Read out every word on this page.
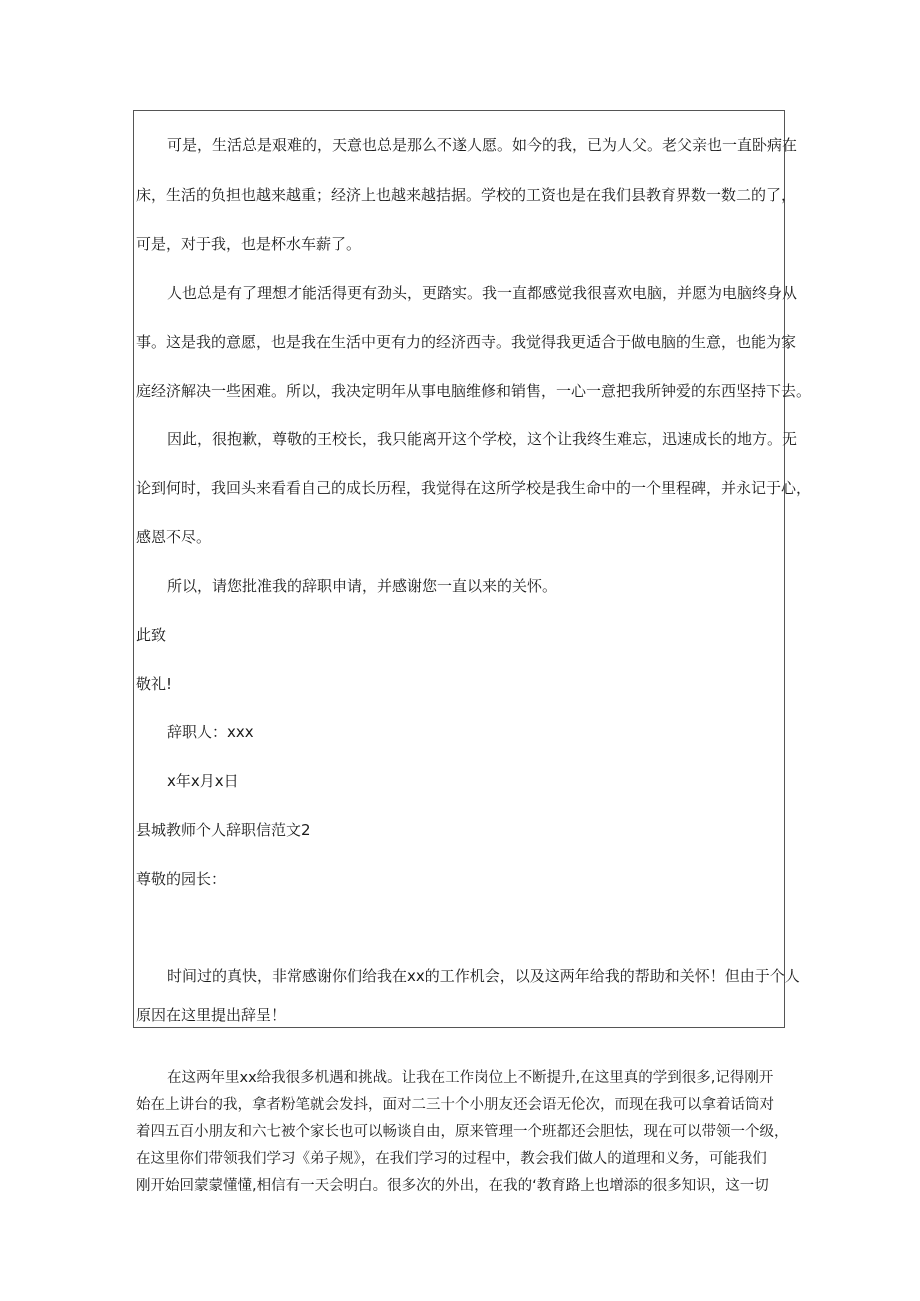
可是，生活总是艰难的，天意也总是那么不遂人愿。如今的我，已为人父。老父亲也一直卧病在
床，生活的负担也越来越重；经济上也越来越拮据。学校的工资也是在我们县教育界数一数二的了，
可是，对于我，也是杯水车薪了。
人也总是有了理想才能活得更有劲头，更踏实。我一直都感觉我很喜欢电脑，并愿为电脑终身从
事。这是我的意愿，也是我在生活中更有力的经济西寺。我觉得我更适合于做电脑的生意，也能为家
庭经济解决一些困难。所以，我决定明年从事电脑维修和销售，一心一意把我所钟爱的东西坚持下去。
因此，很抱歉，尊敬的王校长，我只能离开这个学校，这个让我终生难忘，迅速成长的地方。无
论到何时，我回头来看看自己的成长历程，我觉得在这所学校是我生命中的一个里程碑，并永记于心，
感恩不尽。
所以，请您批准我的辞职申请，并感谢您一直以来的关怀。
此致
敬礼!
辞职人：xxx
x年x月x日
县城教师个人辞职信范文2
尊敬的园长：
时间过的真快，非常感谢你们给我在xx的工作机会，以及这两年给我的帮助和关怀！但由于个人
原因在这里提出辞呈！
在这两年里xx给我很多机遇和挑战。让我在工作岗位上不断提升,在这里真的学到很多,记得刚开
始在上讲台的我，拿者粉笔就会发抖，面对二三十个小朋友还会语无伦次，而现在我可以拿着话筒对
着四五百小朋友和六七被个家长也可以畅谈自由，原来管理一个班都还会胆怯，现在可以带领一个级，
在这里你们带领我们学习《弟子规》，在我们学习的过程中，教会我们做人的道理和义务，可能我们
刚开始回蒙蒙懂懂,相信有一天会明白。很多次的外出，在我的‘教育路上也增添的很多知识，这一切
